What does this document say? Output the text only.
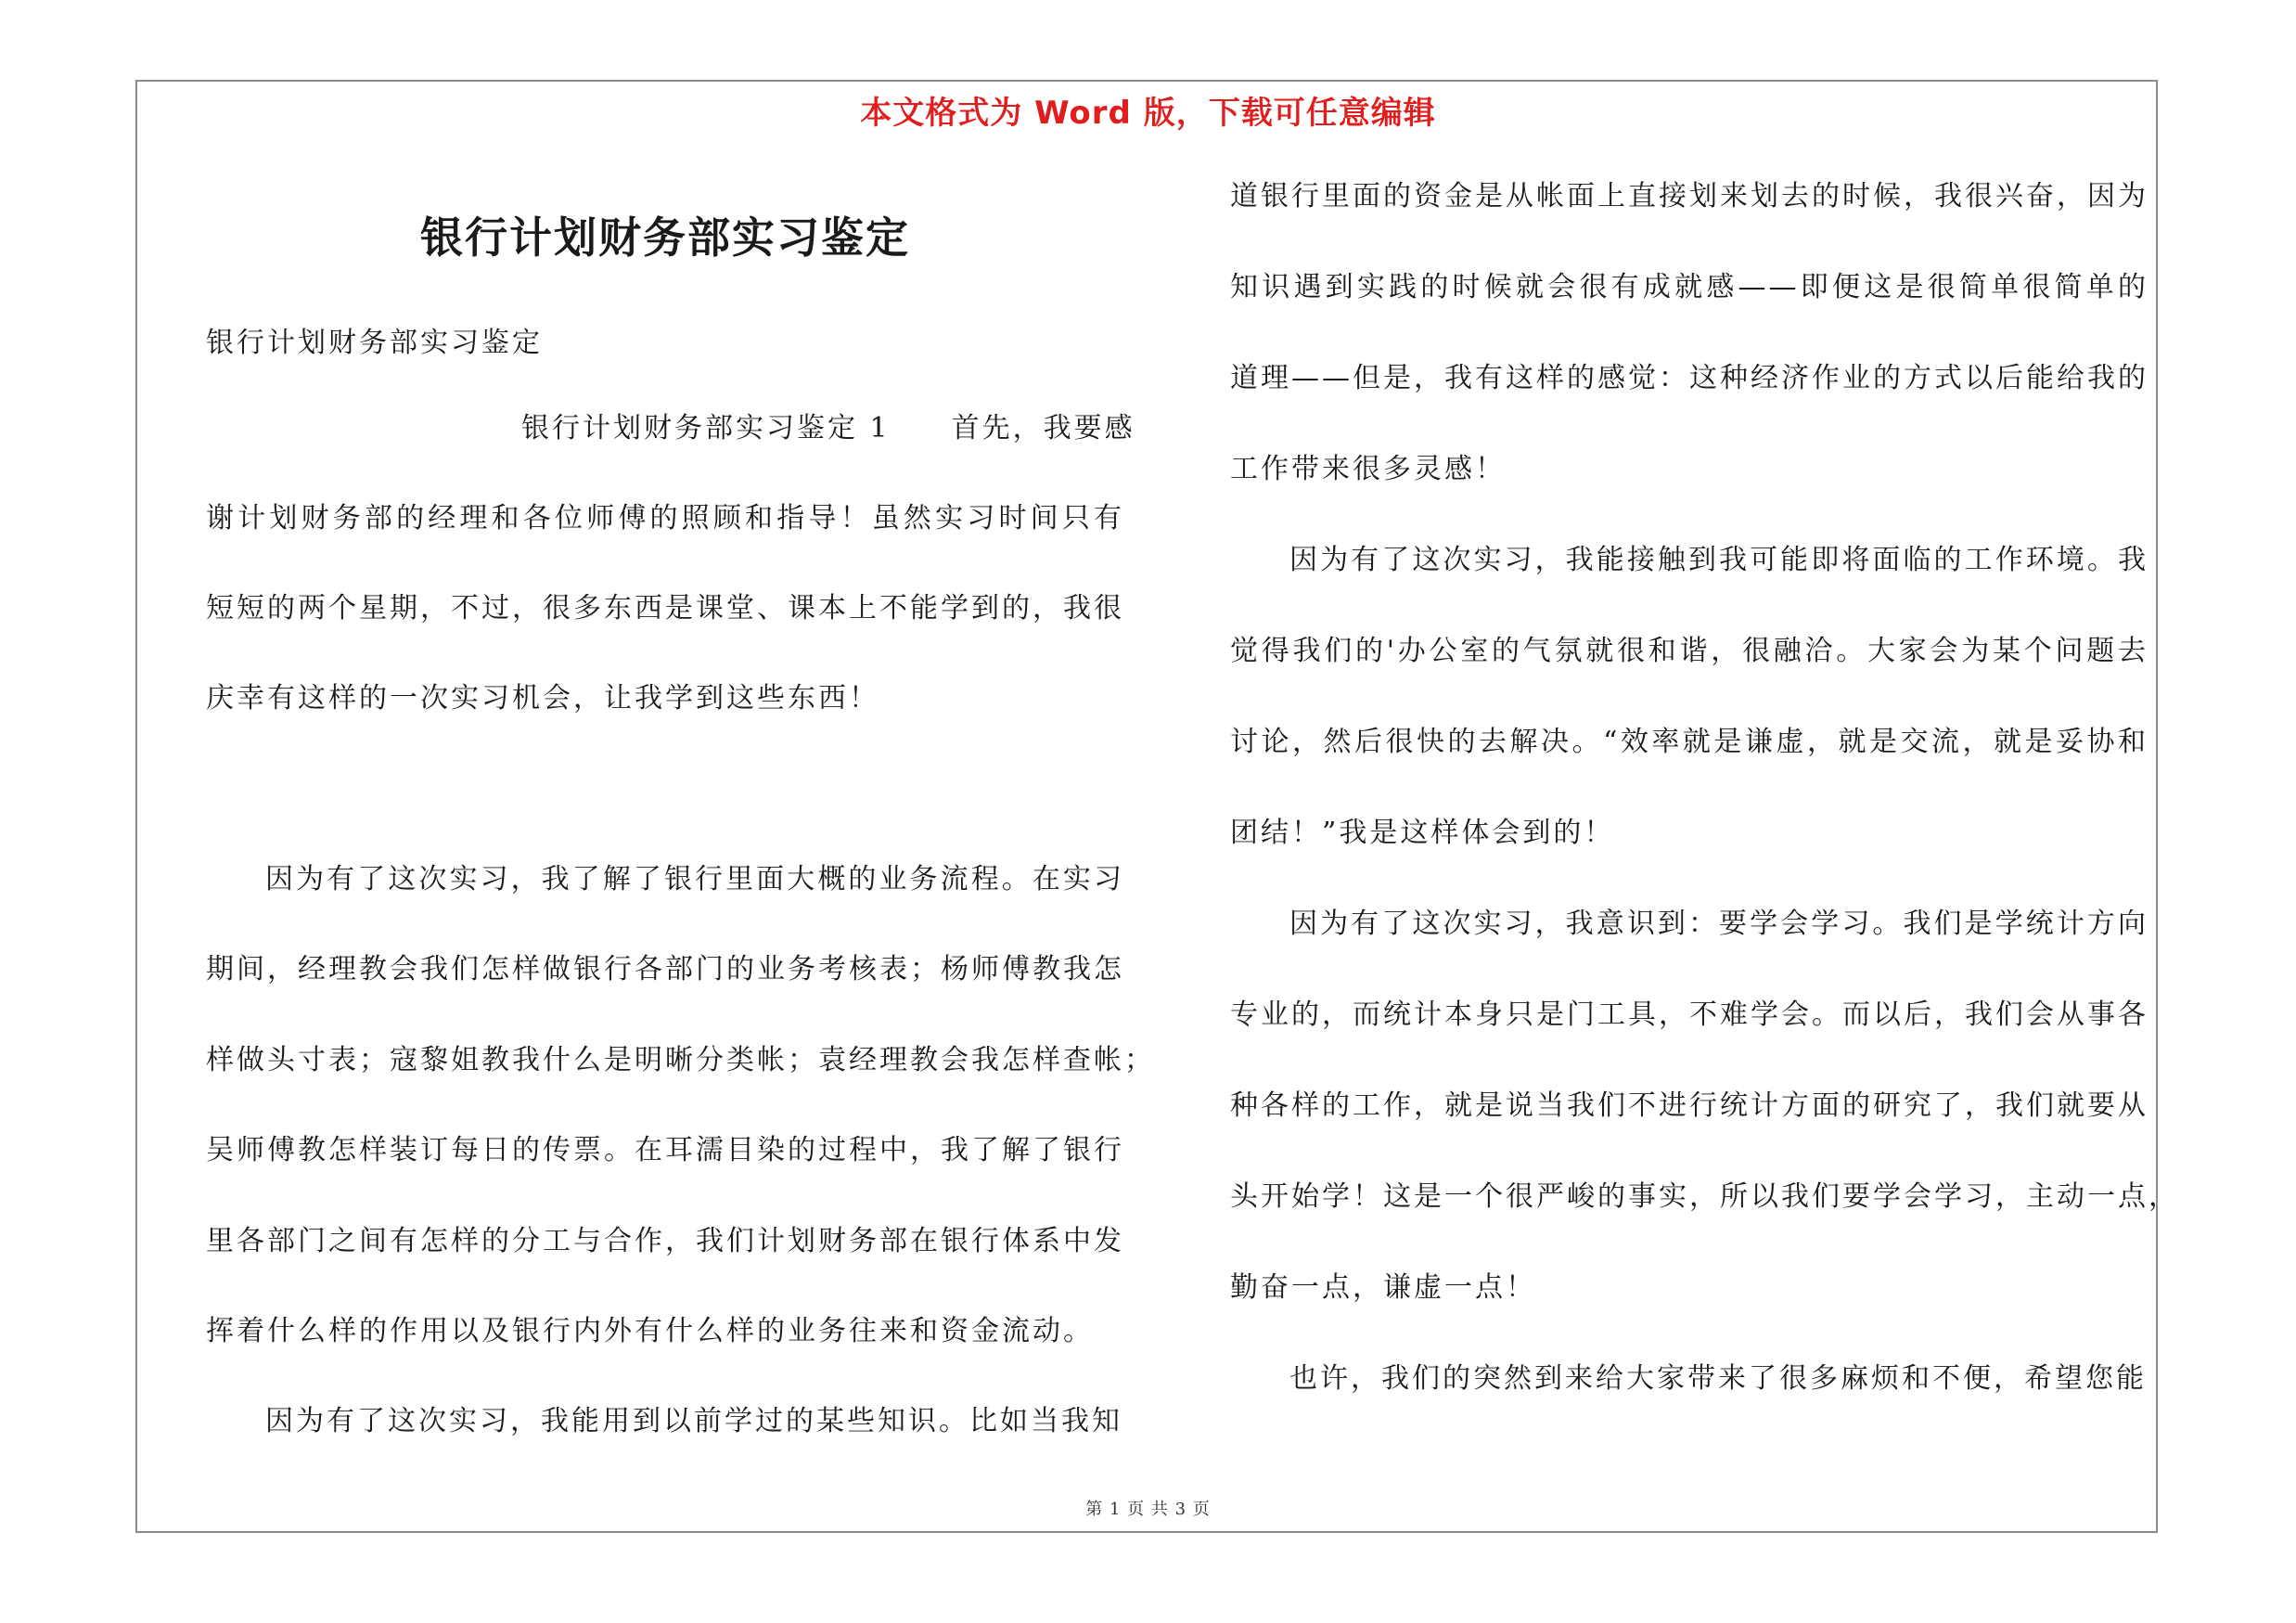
本文格式为 Word 版，下载可任意编辑
银行计划财务部实习鉴定
银行计划财务部实习鉴定
银行计划财务部实习鉴定 1　　首先，我要感
谢计划财务部的经理和各位师傅的照顾和指导！虽然实习时间只有
短短的两个星期，不过，很多东西是课堂、课本上不能学到的，我很
庆幸有这样的一次实习机会，让我学到这些东西！
因为有了这次实习，我了解了银行里面大概的业务流程。在实习
期间，经理教会我们怎样做银行各部门的业务考核表；杨师傅教我怎
样做头寸表；寇黎姐教我什么是明晰分类帐；袁经理教会我怎样查帐；
吴师傅教怎样装订每日的传票。在耳濡目染的过程中，我了解了银行
里各部门之间有怎样的分工与合作，我们计划财务部在银行体系中发
挥着什么样的作用以及银行内外有什么样的业务往来和资金流动。
因为有了这次实习，我能用到以前学过的某些知识。比如当我知
道银行里面的资金是从帐面上直接划来划去的时候，我很兴奋，因为
知识遇到实践的时候就会很有成就感——即便这是很简单很简单的
道理——但是，我有这样的感觉：这种经济作业的方式以后能给我的
工作带来很多灵感！
因为有了这次实习，我能接触到我可能即将面临的工作环境。我
觉得我们的'办公室的气氛就很和谐，很融洽。大家会为某个问题去
讨论，然后很快的去解决。“效率就是谦虚，就是交流，就是妥协和
团结！”我是这样体会到的！
因为有了这次实习，我意识到：要学会学习。我们是学统计方向
专业的，而统计本身只是门工具，不难学会。而以后，我们会从事各
种各样的工作，就是说当我们不进行统计方面的研究了，我们就要从
头开始学！这是一个很严峻的事实，所以我们要学会学习，主动一点，
勤奋一点，谦虚一点！
也许，我们的突然到来给大家带来了很多麻烦和不便，希望您能
第 1 页 共 3 页
